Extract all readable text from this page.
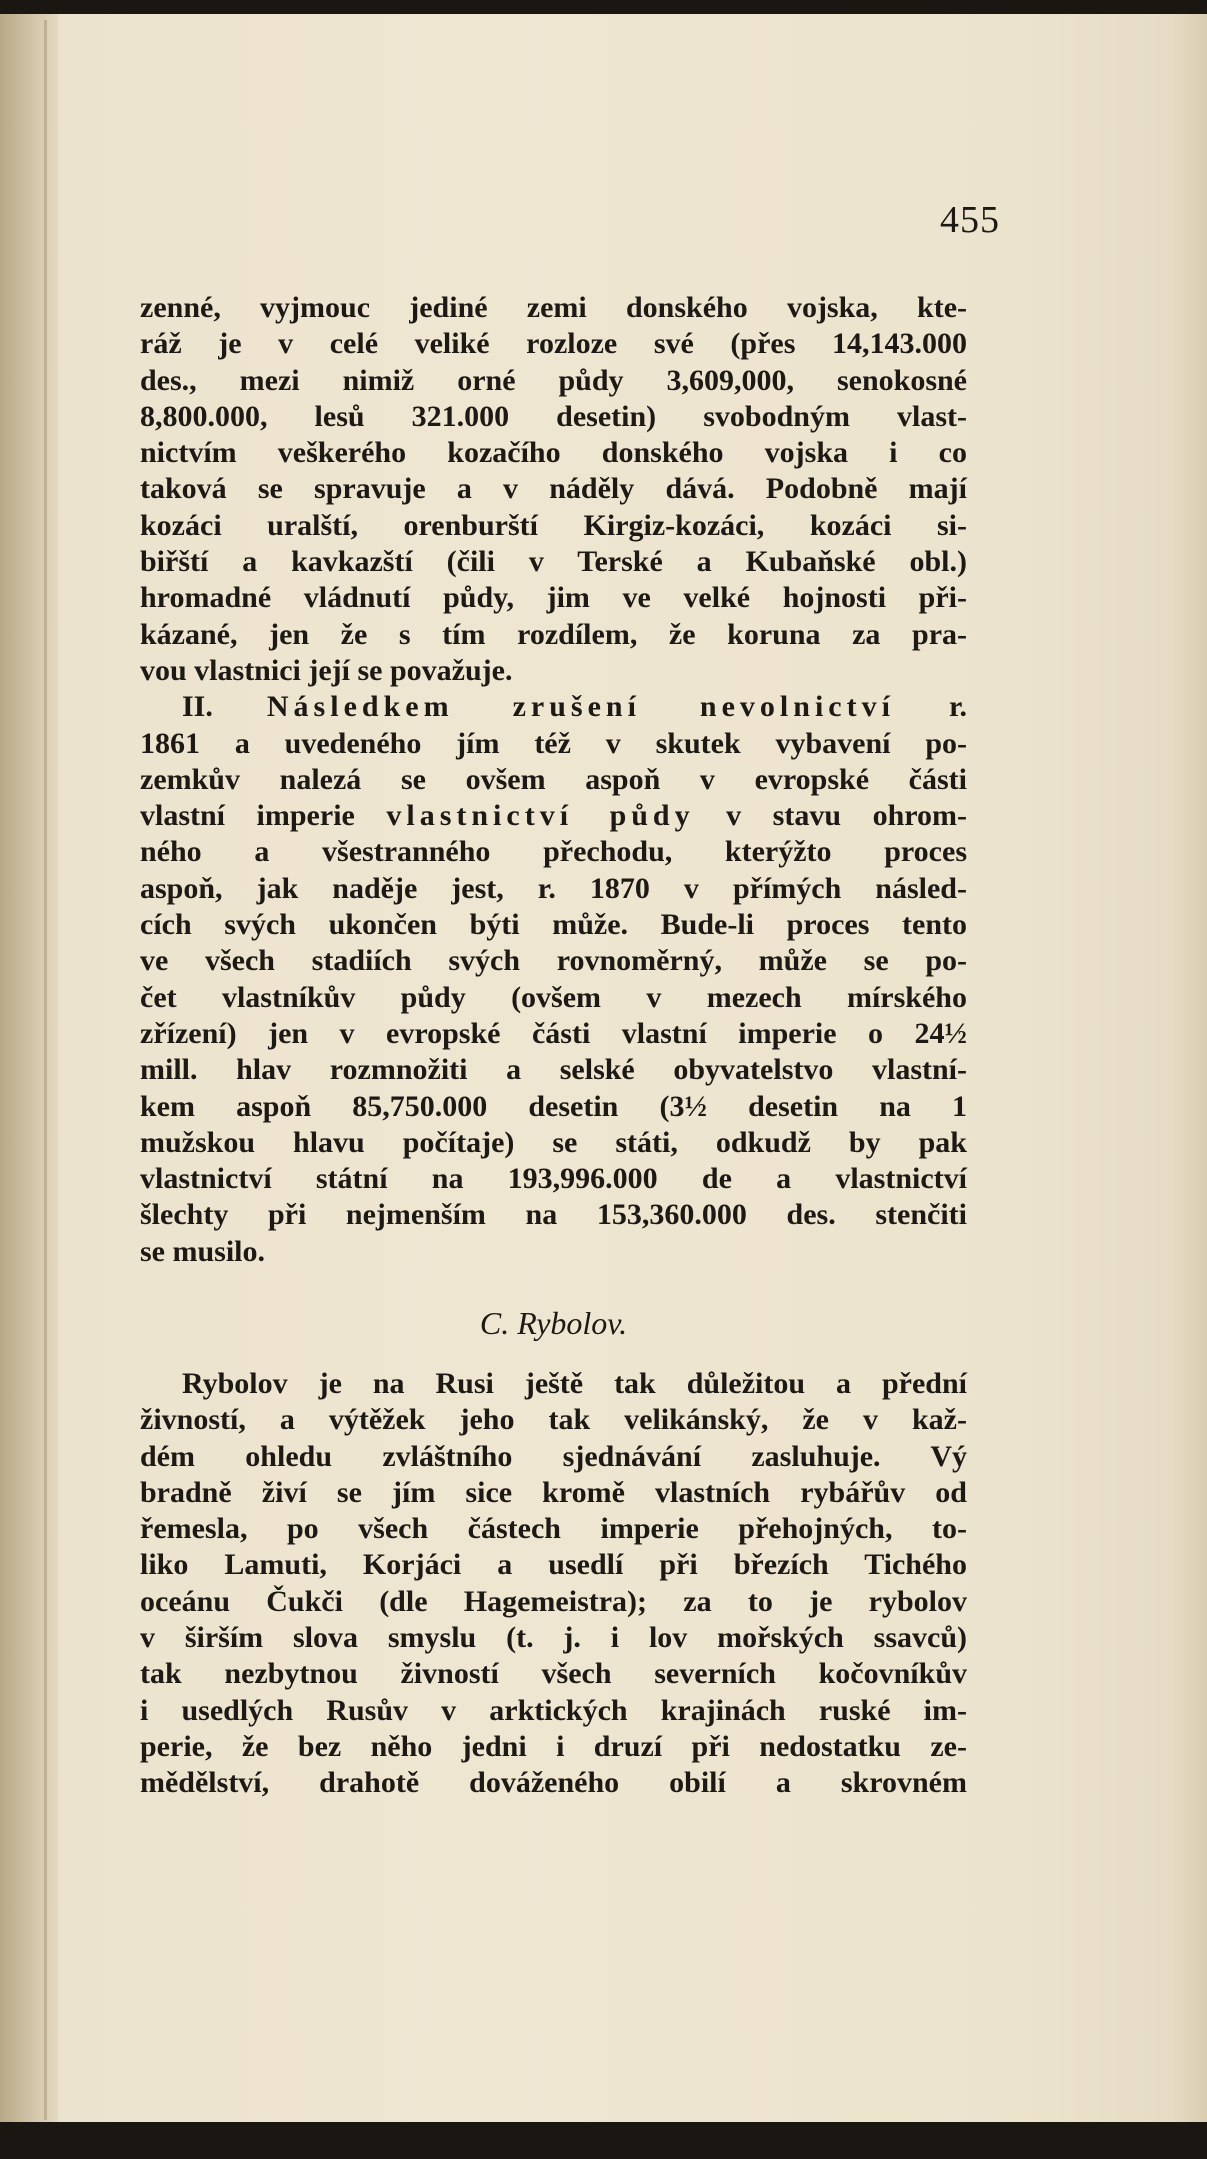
455
zenné, vyjmouc jediné zemi donského vojska, kte-
ráž je v celé veliké rozloze své (přes 14,143.000
des., mezi nimiž orné půdy 3,609,000, senokosné
8,800.000, lesů 321.000 desetin) svobodným vlast-
nictvím veškerého kozačího donského vojska i co
taková se spravuje a v náděly dává. Podobně mají
kozáci uralští, orenburští Kirgiz-kozáci, kozáci si-
biřští a kavkazští (čili v Terské a Kubaňské obl.)
hromadné vládnutí půdy, jim ve velké hojnosti při-
kázané, jen že s tím rozdílem, že koruna za pra-
vou vlastnici její se považuje.
II. Následkem zrušení nevolnictví r.
1861 a uvedeného jím též v skutek vybavení po-
zemkův nalezá se ovšem aspoň v evropské části
vlastní imperie vlastnictví půdy v stavu ohrom-
ného a všestranného přechodu, kterýžto proces
aspoň, jak naděje jest, r. 1870 v přímých násled-
cích svých ukončen býti může. Bude-li proces tento
ve všech stadiích svých rovnoměrný, může se po-
čet vlastníkův půdy (ovšem v mezech mírského
zřízení) jen v evropské části vlastní imperie o 24½
mill. hlav rozmnožiti a selské obyvatelstvo vlastní-
kem aspoň 85,750.000 desetin (3½ desetin na 1
mužskou hlavu počítaje) se státi, odkudž by pak
vlastnictví státní na 193,996.000 de a vlastnictví
šlechty při nejmenším na 153,360.000 des. stenčiti
se musilo.
C. Rybolov.
Rybolov je na Rusi ještě tak důležitou a přední
živností, a výtěžek jeho tak velikánský, že v kaž-
dém ohledu zvláštního sjednávání zasluhuje. Vý
bradně živí se jím sice kromě vlastních rybářův od
řemesla, po všech částech imperie přehojných, to-
liko Lamuti, Korjáci a usedlí při březích Tichého
oceánu Čukči (dle Hagemeistra); za to je rybolov
v širším slova smyslu (t. j. i lov mořských ssavců)
tak nezbytnou živností všech severních kočovníkův
i usedlých Rusův v arktických krajinách ruské im-
perie, že bez něho jedni i druzí při nedostatku ze-
mědělství, drahotě dováženého obilí a skrovném
